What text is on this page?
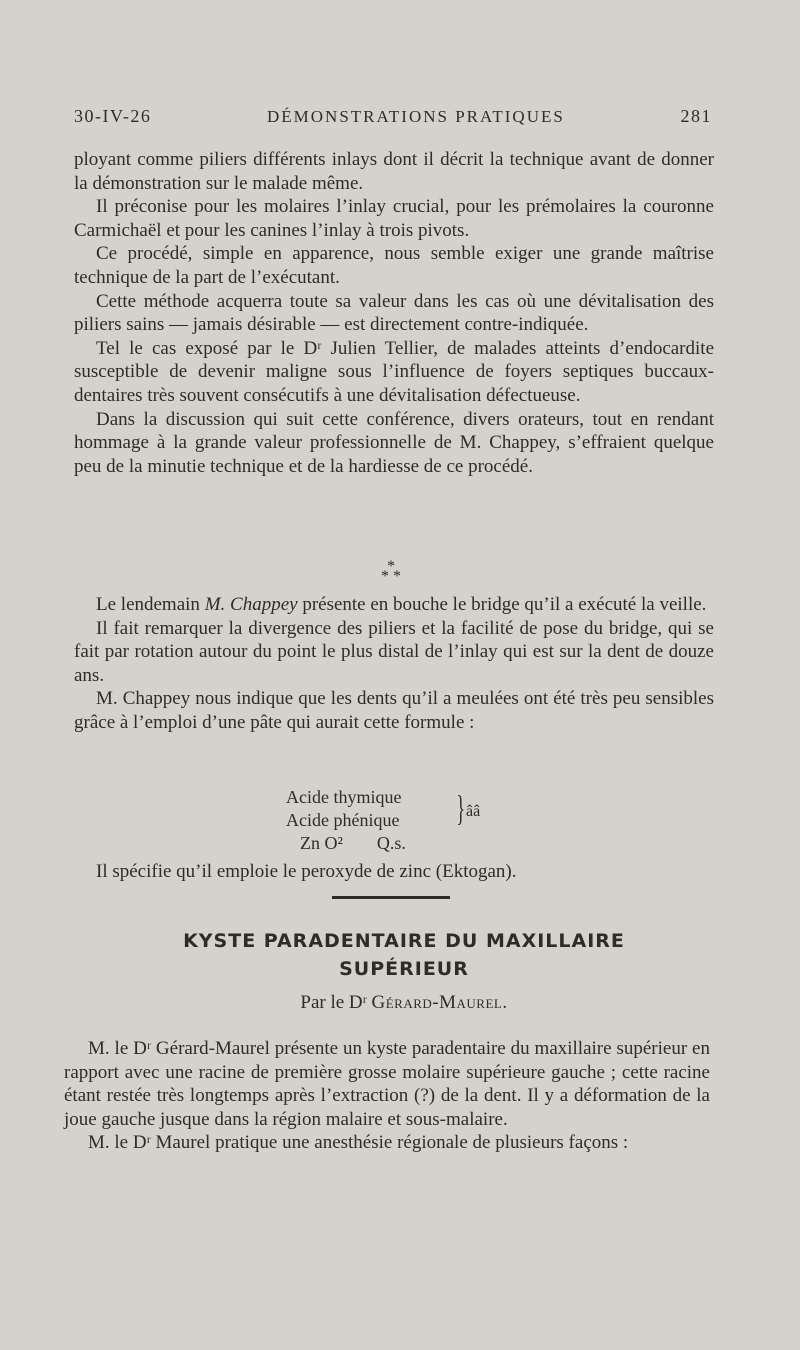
30-IV-26	DÉMONSTRATIONS PRATIQUES	281

ployant comme piliers différents inlays dont il décrit la technique avant de donner la démonstration sur le malade même.

Il préconise pour les molaires l’inlay crucial, pour les prémolaires la couronne Carmichaël et pour les canines l’inlay à trois pivots.

Ce procédé, simple en apparence, nous semble exiger une grande maîtrise technique de la part de l’exécutant.

Cette méthode acquerra toute sa valeur dans les cas où une dévitalisation des piliers sains — jamais désirable — est directement contre-indiquée.

Tel le cas exposé par le Dʳ Julien Tellier, de malades atteints d’endocardite susceptible de devenir maligne sous l’influence de foyers septiques buccaux-dentaires très souvent consécutifs à une dévitalisation défectueuse.

Dans la discussion qui suit cette conférence, divers orateurs, tout en rendant hommage à la grande valeur professionnelle de M. Chappey, s’effraient quelque peu de la minutie technique et de la hardiesse de ce procédé.

*
* *

Le lendemain M. Chappey présente en bouche le bridge qu’il a exécuté la veille.

Il fait remarquer la divergence des piliers et la facilité de pose du bridge, qui se fait par rotation autour du point le plus distal de l’inlay qui est sur la dent de douze ans.

M. Chappey nous indique que les dents qu’il a meulées ont été très peu sensibles grâce à l’emploi d’une pâte qui aurait cette formule :

Acide thymique
Acide phénique } ââ
Zn O² Q.s.
Il spécifie qu’il emploie le peroxyde de zinc (Ektogan).
KYSTE PARADENTAIRE DU MAXILLAIRE
SUPÉRIEUR
Par le Dʳ Gérard-Maurel.

M. le Dʳ Gérard-Maurel présente un kyste paradentaire du maxillaire supérieur en rapport avec une racine de première grosse molaire supérieure gauche ; cette racine étant restée très longtemps après l’extraction (?) de la dent. Il y a déformation de la joue gauche jusque dans la région malaire et sous-malaire.

M. le Dʳ Maurel pratique une anesthésie régionale de plusieurs façons :
